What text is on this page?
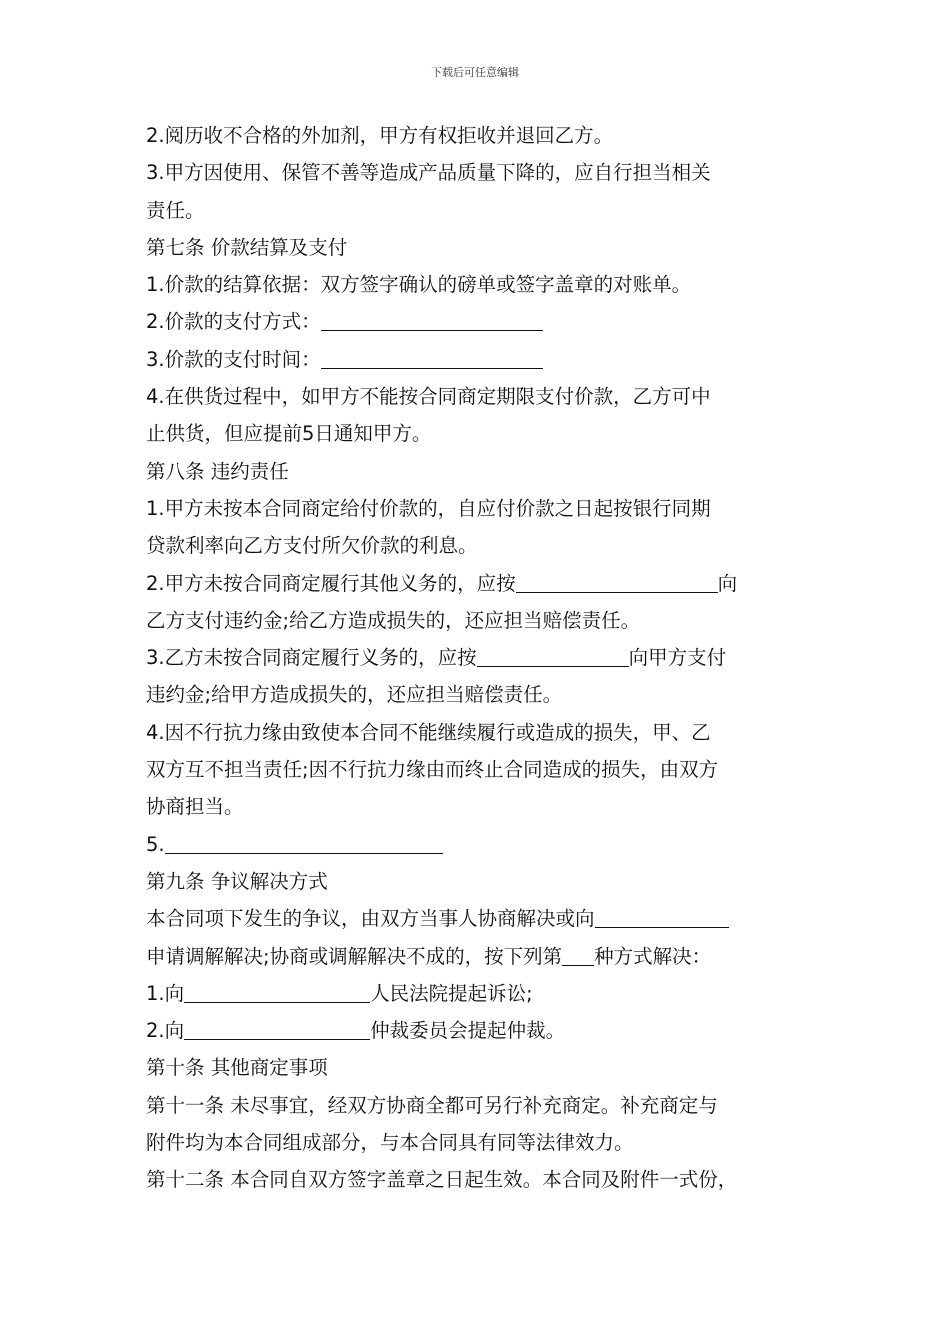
下载后可任意编辑
2.阅历收不合格的外加剂，甲方有权拒收并退回乙方。
3.甲方因使用、保管不善等造成产品质量下降的，应自行担当相关
责任。
第七条 价款结算及支付
1.价款的结算依据：双方签字确认的磅单或签字盖章的对账单。
2.价款的支付方式：
3.价款的支付时间：
4.在供货过程中，如甲方不能按合同商定期限支付价款，乙方可中
止供货，但应提前5日通知甲方。
第八条 违约责任
1.甲方未按本合同商定给付价款的，自应付价款之日起按银行同期
贷款利率向乙方支付所欠价款的利息。
2.甲方未按合同商定履行其他义务的，应按	向
乙方支付违约金;给乙方造成损失的，还应担当赔偿责任。
3.乙方未按合同商定履行义务的，应按	向甲方支付
违约金;给甲方造成损失的，还应担当赔偿责任。
4.因不行抗力缘由致使本合同不能继续履行或造成的损失，甲、乙
双方互不担当责任;因不行抗力缘由而终止合同造成的损失，由双方
协商担当。
5.
第九条 争议解决方式
本合同项下发生的争议，由双方当事人协商解决或向
申请调解解决;协商或调解解决不成的，按下列第 种方式解决：
1.向	人民法院提起诉讼;
2.向	仲裁委员会提起仲裁。
第十条 其他商定事项
第十一条 未尽事宜，经双方协商全都可另行补充商定。补充商定与
附件均为本合同组成部分，与本合同具有同等法律效力。
第十二条 本合同自双方签字盖章之日起生效。本合同及附件一式份，
